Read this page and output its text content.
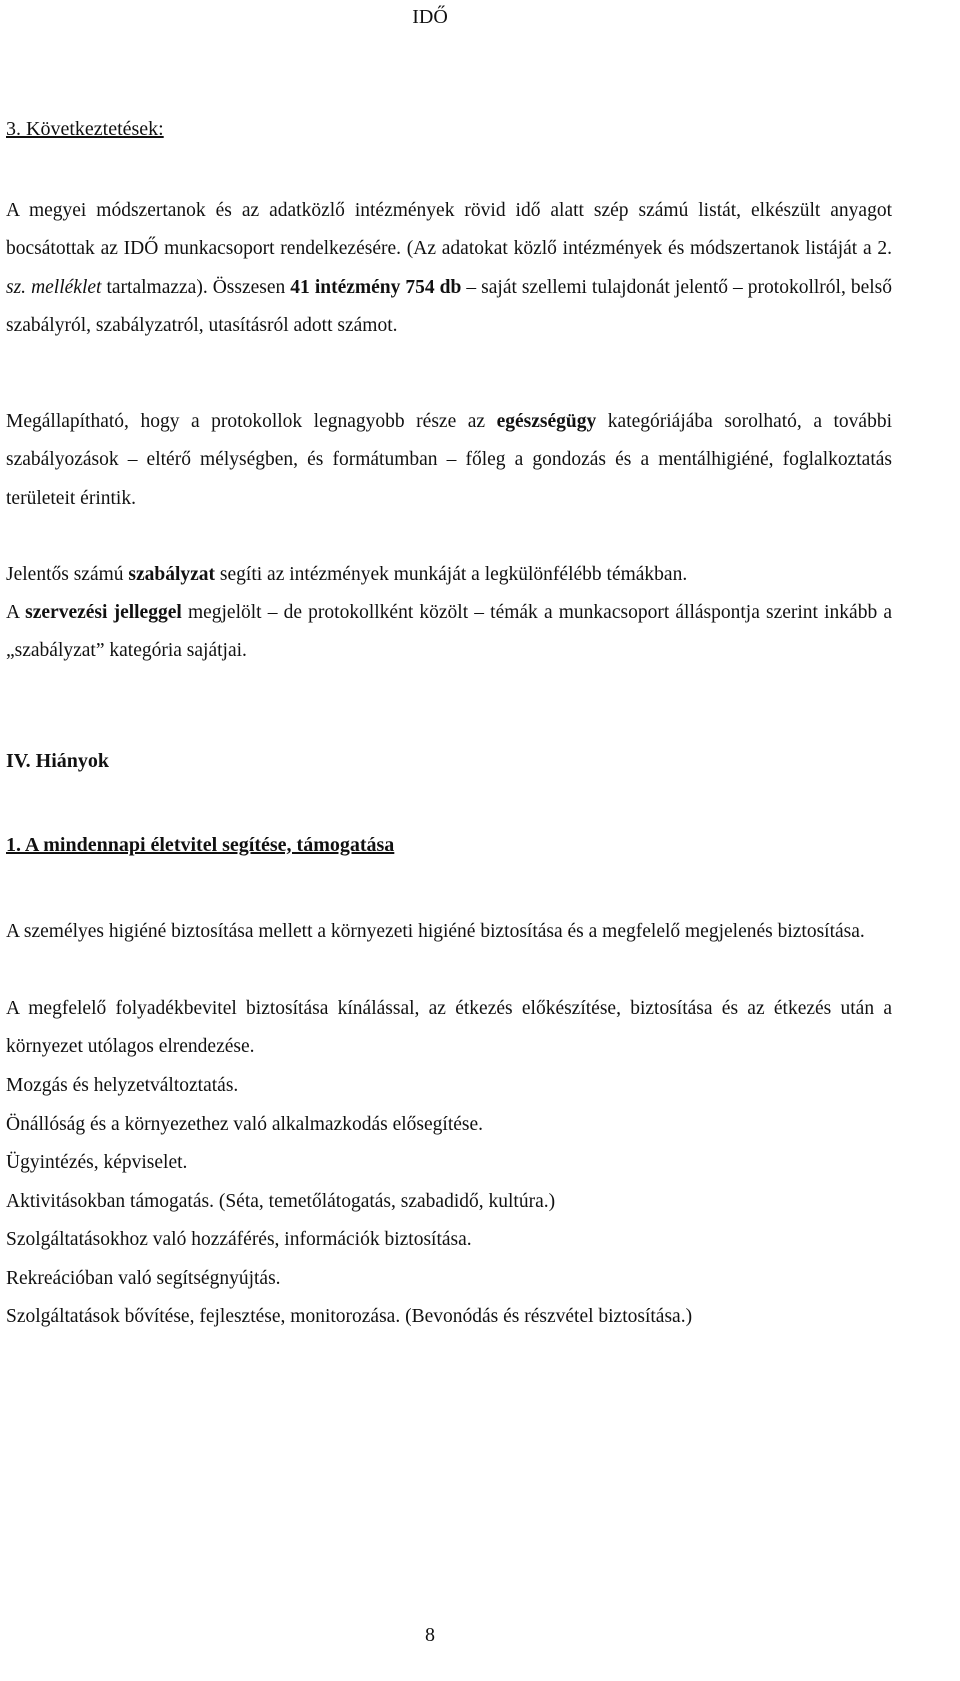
IDŐ
3. Következtetések:

A megyei módszertanok és az adatközlő intézmények rövid idő alatt szép számú listát, elkészült anyagot bocsátottak az IDŐ munkacsoport rendelkezésére. (Az adatokat közlő intézmények és módszertanok listáját a 2. sz. melléklet tartalmazza). Összesen 41 intézmény 754 db – saját szellemi tulajdonát jelentő – protokollról, belső szabályról, szabályzatról, utasításról adott számot.

Megállapítható, hogy a protokollok legnagyobb része az egészségügy kategóriájába sorolható, a további szabályozások – eltérő mélységben, és formátumban – főleg a gondozás és a mentálhigiéné, foglalkoztatás területeit érintik.

Jelentős számú szabályzat segíti az intézmények munkáját a legkülönfélébb témákban.

A szervezési jelleggel megjelölt – de protokollként közölt – témák a munkacsoport álláspontja szerint inkább a „szabályzat” kategória sajátjai.

IV. Hiányok
1. A mindennapi életvitel segítése, támogatása

A személyes higiéné biztosítása mellett a környezeti higiéné biztosítása és a megfelelő megjelenés biztosítása.

A megfelelő folyadékbevitel biztosítása kínálással, az étkezés előkészítése, biztosítása és az étkezés után a környezet utólagos elrendezése.

Mozgás és helyzetváltoztatás.
Önállóság és a környezethez való alkalmazkodás elősegítése.
Ügyintézés, képviselet.
Aktivitásokban támogatás. (Séta, temetőlátogatás, szabadidő, kultúra.)
Szolgáltatásokhoz való hozzáférés, információk biztosítása.
Rekreációban való segítségnyújtás.
Szolgáltatások bővítése, fejlesztése, monitorozása. (Bevonódás és részvétel biztosítása.)
8
